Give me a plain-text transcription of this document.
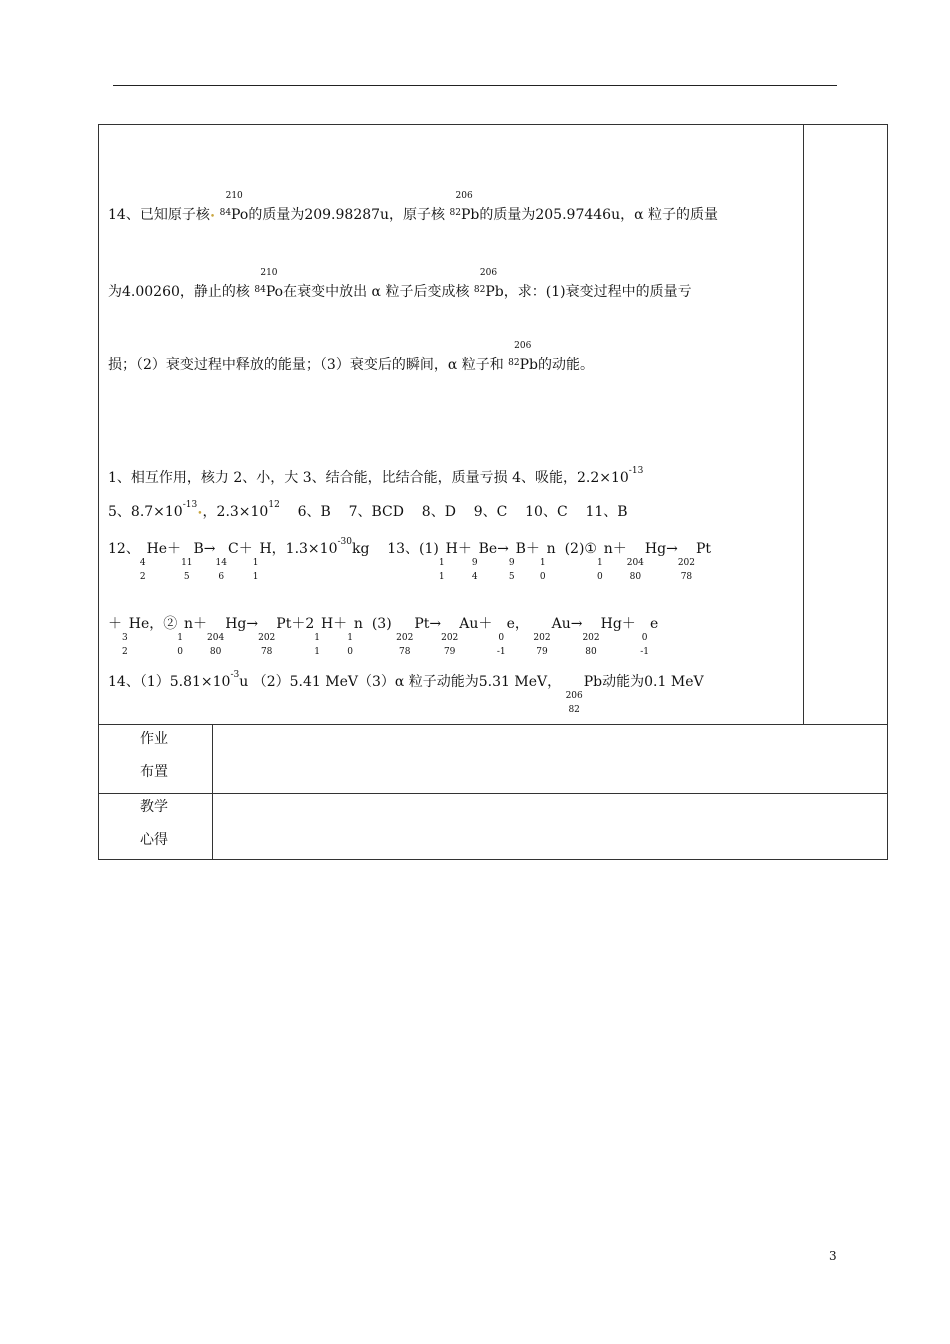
14、已知原子核•
210
$^{84}$Po的质量为209.98287u，原子核
206
$^{82}$Pb的质量为205.97446u，α 粒子的质量
为4.00260，静止的核
210
$^{84}$Po在衰变中放出 α 粒子后变成核
206
$^{82}$Pb，求：(1)衰变过程中的质量亏
损；（2）衰变过程中释放的能量；（3）衰变后的瞬间，α 粒子和
206
$^{82}$Pb的动能。
1、相互作用，核力 2、小，大 3、结合能，比结合能，质量亏损 4、吸能，$2.2\times 10^{-13}$
5、$8.7\times 10^{-13}•$，$2.3\times 10^{12}$    6、B    7、BCD    8、D    9、C    10、C    11、B
12、
4
2
He＋
11
5
B→
14
6
C＋
1
1
H，$1.3\times 10^{-30}kg$    13、(1)
1
1
H＋
9
4
Be→
9
5
B＋
1
0
n  (2)①
1
0
n＋
204
80
Hg→
202
78
Pt
＋
3
2
He，②
1
0
n＋
204
80
Hg→
202
78
Pt＋2
1
1
H＋
1
0
n  (3)
202
78
Pt→
202
79
Au＋
0
-1
e，
202
79
Au→
202
80
Hg＋
0
-1
e
14、$(1)5.81\times 10^{-3}u$ （2）5.41 MeV（3）α 粒子动能为5.31 MeV，
206
82
Pb动能为0.1 MeV
作业
布置
教学
心得
3
